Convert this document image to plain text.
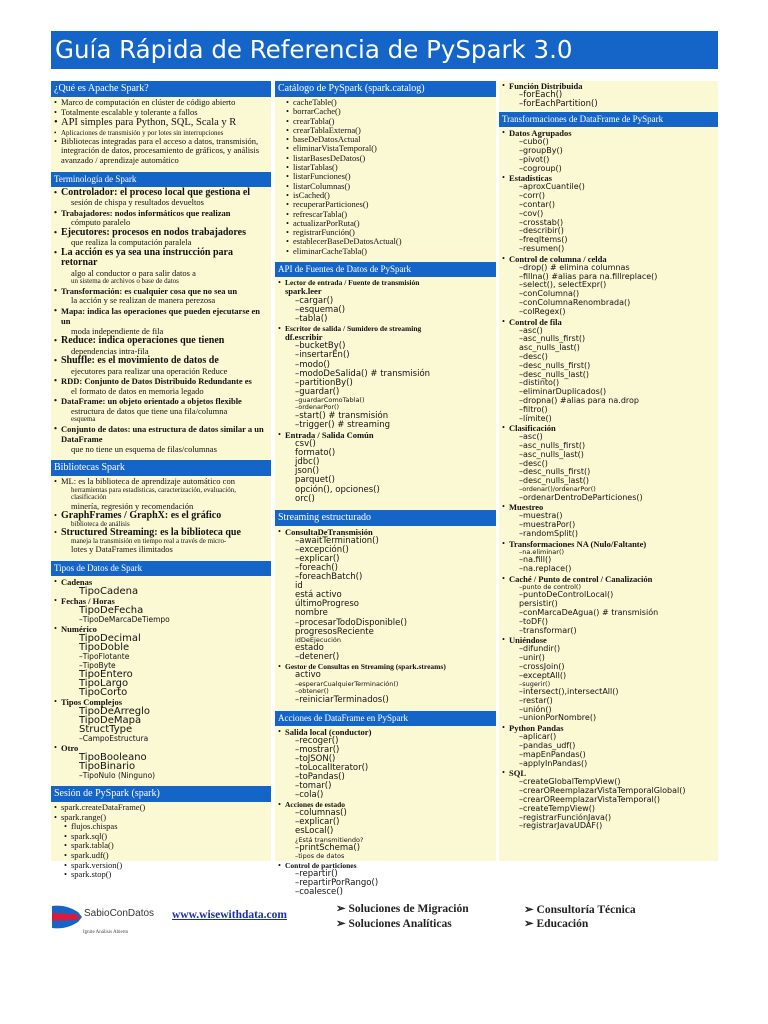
Guía Rápida de Referencia de PySpark 3.0
¿Qué es Apache Spark?
• Marco de computación en clúster de código abierto
• Totalmente escalable y tolerante a fallos
• API simples para Python, SQL, Scala y R
• Aplicaciones de transmisión y por lotes sin interrupciones
• Bibliotecas integradas para el acceso a datos, transmisión, integración de datos, procesamiento de gráficos, y análisis avanzado / aprendizaje automático
Terminología de Spark
• Controlador: el proceso local que gestiona el
sesión de chispa y resultados devueltos
• Trabajadores: nodos informáticos que realizan
cómputo paralelo
• Ejecutores: procesos en nodos trabajadores
que realiza la computación paralela
• La acción es ya sea una instrucción para retornar
algo al conductor o para salir datos a
un sistema de archivos o base de datos
• Transformación: es cualquier cosa que no sea un
la acción y se realizan de manera perezosa
• Mapa: indica las operaciones que pueden ejecutarse en un
moda independiente de fila
• Reduce: indica operaciones que tienen
dependencias intra-fila
• Shuffle: es el movimiento de datos de
ejecutores para realizar una operación Reduce
• RDD: Conjunto de Datos Distribuido Redundante es
el formato de datos en memoria legado
• DataFrame: un objeto orientado a objetos flexible
estructura de datos que tiene una fila/columna
esquema
• Conjunto de datos: una estructura de datos similar a un DataFrame
que no tiene un esquema de filas/columnas
Bibliotecas Spark
• ML: es la biblioteca de aprendizaje automático con
herramientas para estadísticas, caracterización, evaluación, clasificación
minería, regresión y recomendación
• GraphFrames / GraphX: es el gráfico
biblioteca de análisis
• Structured Streaming: es la biblioteca que
maneja la transmisión en tiempo real a través de micro-
lotes y DataFrames ilimitados
Tipos de Datos de Spark
• Cadenas
TipoCadena
• Fechas / Horas
TipoDeFecha
–TipoDeMarcaDeTiempo
• Numérico
TipoDecimal
TipoDoble
–TipoFlotante
–TipoByte
TipoEntero
TipoLargo
TipoCorto
• Tipos Complejos
TipoDeArreglo
TipoDeMapa
StructType
–CampoEstructura
• Otro
TipoBooleano
TipoBinario
–TipoNulo (Ninguno)
Sesión de PySpark (spark)
• spark.createDataFrame()
• spark.range()
• flujos.chispas
• spark.sql()
• spark.tabla()
• spark.udf()
• spark.version()
• spark.stop()
Catálogo de PySpark (spark.catalog)
• cacheTable()
• borrarCache()
• crearTabla()
• crearTablaExterna()
• baseDeDatosActual
• eliminarVistaTemporal()
• listarBasesDeDatos()
• listarTablas()
• listarFunciones()
• listarColumnas()
• isCached()
• recuperarParticiones()
• refrescarTabla()
• actualizarPorRuta()
• registrarFunción()
• establecerBaseDeDatosActual()
• eliminarCacheTabla()
API de Fuentes de Datos de PySpark
• Lector de entrada / Fuente de transmisión
spark.leer
–cargar()
–esquema()
–tabla()
• Escritor de salida / Sumidero de streaming
df.escribir
–bucketBy()
–insertarEn()
–modo()
–modoDeSalida() # transmisión
–partitionBy()
–guardar()
–guardarComoTabla()
–ordenarPor()
–start() # transmisión
–trigger() # streaming
• Entrada / Salida Común
csv()
formato()
jdbc()
json()
parquet()
opción(), opciones()
orc()
Streaming estructurado
• ConsultaDeTransmisión
–awaitTermination()
–excepción()
–explicar()
–foreach()
–foreachBatch()
id
está activo
últimoProgreso
nombre
–procesarTodoDisponible()
progresosReciente
idDeEjecución
estado
–detener()
• Gestor de Consultas en Streaming (spark.streams)
activo
–esperarCualquierTerminación()
–obtener()
–reiniciarTerminados()
Acciones de DataFrame en PySpark
• Salida local (conductor)
–recoger()
–mostrar()
–toJSON()
–toLocalIterator()
–toPandas()
–tomar()
–cola()
• Acciones de estado
–columnas()
–explicar()
esLocal()
¿Está transmitiendo?
–printSchema()
–tipos de datos
• Control de particiones
–repartir()
–repartirPorRango()
–coalesce()
• Función Distribuida
–forEach()
–forEachPartition()
Transformaciones de DataFrame de PySpark
• Datos Agrupados
–cubo()
–groupBy()
–pivot()
–cogroup()
• Estadísticas
–aproxCuantile()
–corr()
–contar()
–cov()
–crosstab()
–describir()
–freqItems()
–resumen()
• Control de columna / celda
–drop() # elimina columnas
–fillna() #alias para na.fillreplace()
–select(), selectExpr()
–conColumna()
–conColumnaRenombrada()
–colRegex()
• Control de fila
–asc()
–asc_nulls_first()
asc_nulls_last()
–desc()
–desc_nulls_first()
–desc_nulls_last()
–distinto()
–eliminarDuplicados()
–dropna() #alias para na.drop
–filtro()
–límite()
• Clasificación
–asc()
–asc_nulls_first()
–asc_nulls_last()
–desc()
–desc_nulls_first()
–desc_nulls_last()
–ordenar()/ordenarPor()
–ordenarDentroDeParticiones()
• Muestreo
–muestra()
–muestraPor()
–randomSplit()
• Transformaciones NA (Nulo/Faltante)
–na.eliminar()
–na.fill()
–na.replace()
• Caché / Punto de control / Canalización
–punto de control()
–puntoDeControlLocal()
persistir()
–conMarcaDeAgua() # transmisión
–toDF()
–transformar()
• Uniéndose
–difundir()
–unir()
–crossJoin()
–exceptAll()
–sugerir()
–intersect(),intersectAll()
–restar()
–unión()
–unionPorNombre()
• Python Pandas
–aplicar()
–pandas_udf()
–mapEnPandas()
–applyInPandas()
• SQL
–createGlobalTempView()
–crearOReemplazarVistaTemporalGlobal()
–crearOReemplazarVistaTemporal()
–createTempView()
–registrarFunciónJava()
–registrarJavaUDAF()
SabioConDatos
Ignite Análisis Abierto
www.wisewithdata.com	➢ Soluciones de Migración
➢ Soluciones Analíticas
➢ Consultoría Técnica
➢ Educación
